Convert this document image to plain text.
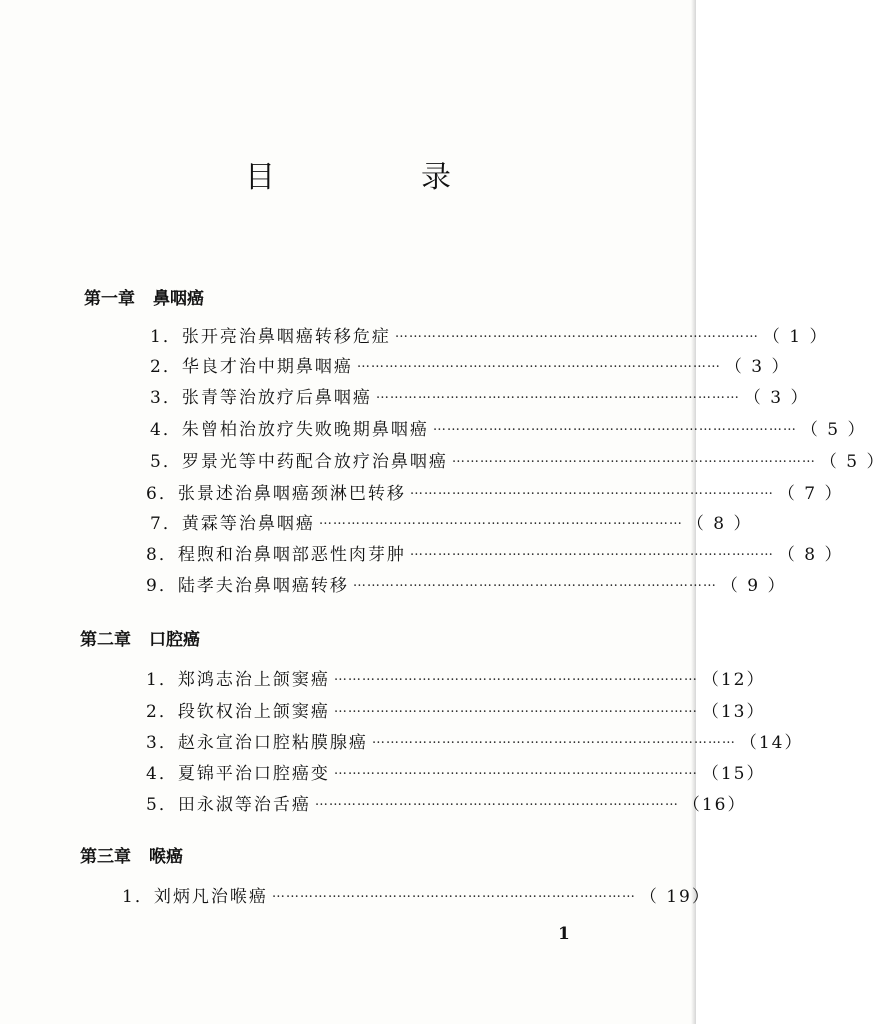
目　录
第一章 鼻咽癌
1． 张开亮治鼻咽癌转移危症 …………………………………………………………………… （ 1 ）
2． 华良才治中期鼻咽癌 …………………………………………………………………… （ 3 ）
3． 张青等治放疗后鼻咽癌 …………………………………………………………………… （ 3 ）
4． 朱曾柏治放疗失败晚期鼻咽癌 …………………………………………………………………… （ 5 ）
5． 罗景光等中药配合放疗治鼻咽癌 …………………………………………………………………… （ 5 ）
6． 张景述治鼻咽癌颈淋巴转移 …………………………………………………………………… （ 7 ）
7． 黄霖等治鼻咽癌 …………………………………………………………………… （ 8 ）
8． 程煦和治鼻咽部恶性肉芽肿 …………………………………………………………………… （ 8 ）
9． 陆孝夫治鼻咽癌转移 …………………………………………………………………… （ 9 ）
第二章 口腔癌
1． 郑鸿志治上颌窦癌 …………………………………………………………………… （12）
2． 段钦权治上颌窦癌 …………………………………………………………………… （13）
3． 赵永宣治口腔粘膜腺癌 …………………………………………………………………… （14）
4． 夏锦平治口腔癌变 …………………………………………………………………… （15）
5． 田永淑等治舌癌 …………………………………………………………………… （16）
第三章 喉癌
1． 刘炳凡治喉癌 …………………………………………………………………… （ 19）
1
